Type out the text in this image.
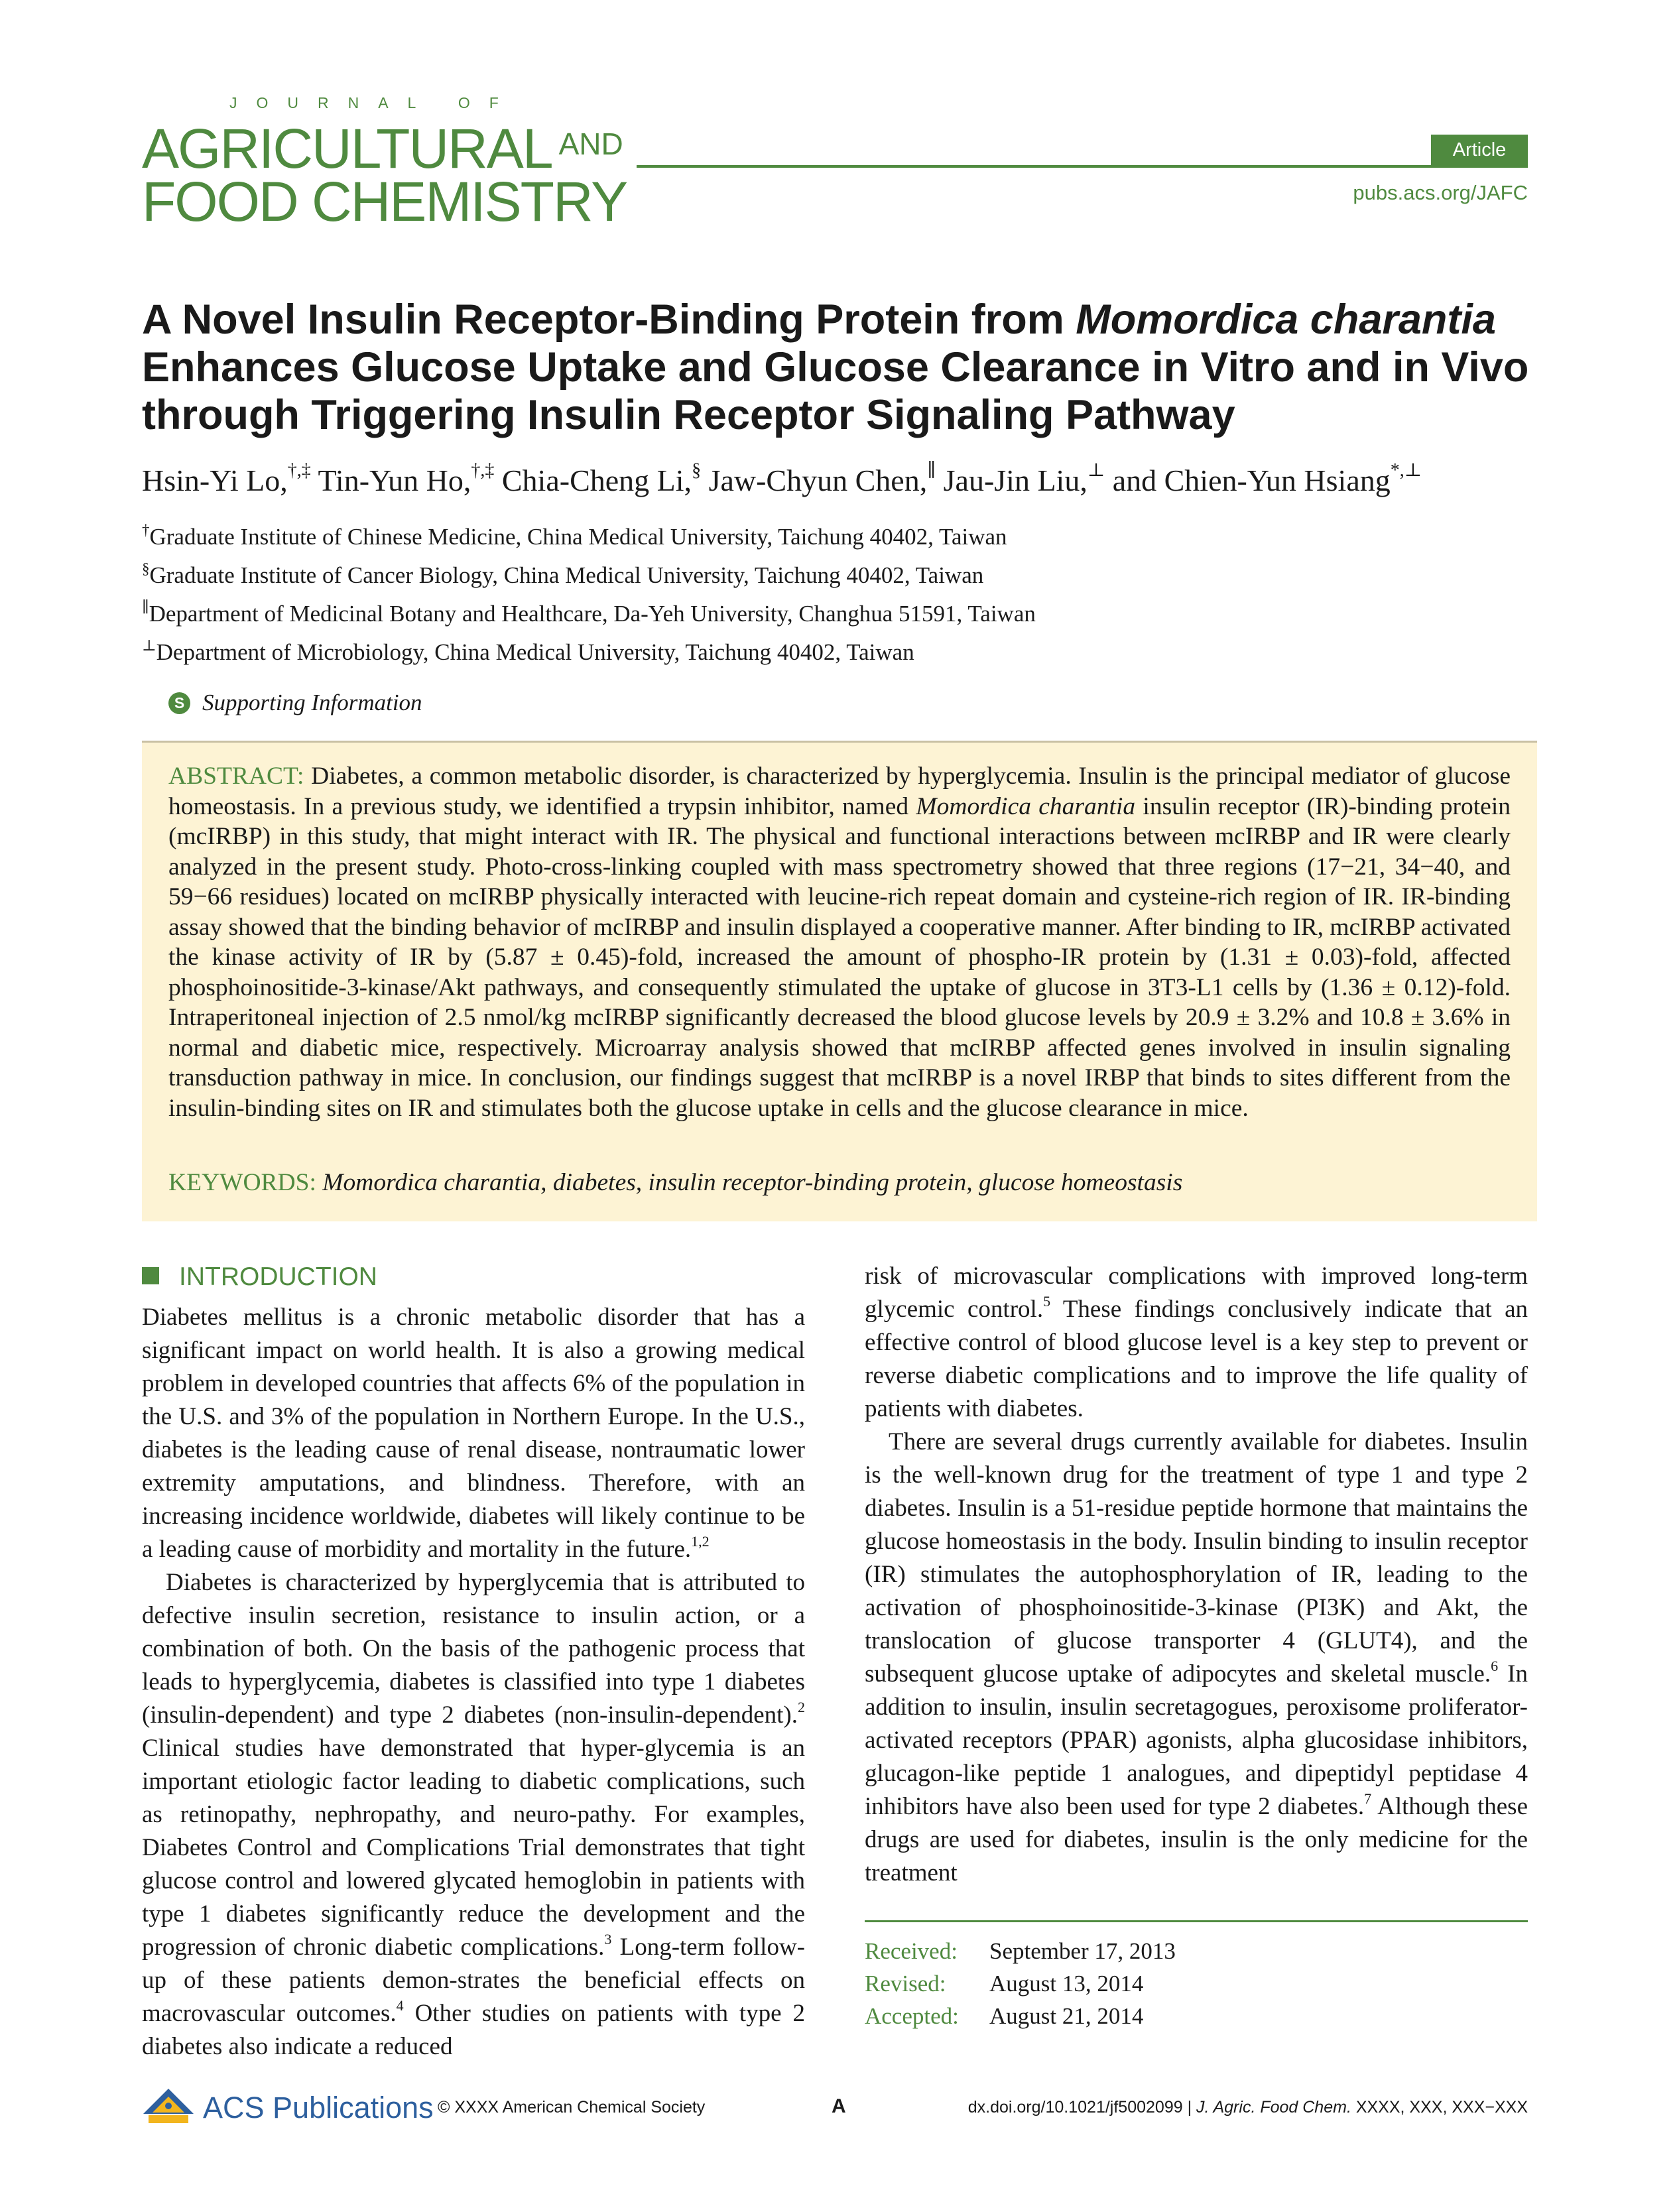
JOURNAL OF
AGRICULTURAL $^{AND}$
FOOD CHEMISTRY
Article
pubs.acs.org/JAFC
A Novel Insulin Receptor-Binding Protein from Momordica charantia
Enhances Glucose Uptake and Glucose Clearance in Vitro and in Vivo
through Triggering Insulin Receptor Signaling Pathway
Hsin-Yi Lo,†,‡ Tin-Yun Ho,†,‡ Chia-Cheng Li,§ Jaw-Chyun Chen,∥ Jau-Jin Liu,⊥ and Chien-Yun Hsiang*,⊥
†Graduate Institute of Chinese Medicine, China Medical University, Taichung 40402, Taiwan
§Graduate Institute of Cancer Biology, China Medical University, Taichung 40402, Taiwan
∥Department of Medicinal Botany and Healthcare, Da-Yeh University, Changhua 51591, Taiwan
⊥Department of Microbiology, China Medical University, Taichung 40402, Taiwan
S Supporting Information
ABSTRACT: Diabetes, a common metabolic disorder, is characterized by hyperglycemia. Insulin is the principal mediator of glucose homeostasis. In a previous study, we identified a trypsin inhibitor, named Momordica charantia insulin receptor (IR)-binding protein (mcIRBP) in this study, that might interact with IR. The physical and functional interactions between mcIRBP and IR were clearly analyzed in the present study. Photo-cross-linking coupled with mass spectrometry showed that three regions (17−21, 34−40, and 59−66 residues) located on mcIRBP physically interacted with leucine-rich repeat domain and cysteine-rich region of IR. IR-binding assay showed that the binding behavior of mcIRBP and insulin displayed a cooperative manner. After binding to IR, mcIRBP activated the kinase activity of IR by (5.87 ± 0.45)-fold, increased the amount of phospho-IR protein by (1.31 ± 0.03)-fold, affected phosphoinositide-3-kinase/Akt pathways, and consequently stimulated the uptake of glucose in 3T3-L1 cells by (1.36 ± 0.12)-fold. Intraperitoneal injection of 2.5 nmol/kg mcIRBP significantly decreased the blood glucose levels by 20.9 ± 3.2% and 10.8 ± 3.6% in normal and diabetic mice, respectively. Microarray analysis showed that mcIRBP affected genes involved in insulin signaling transduction pathway in mice. In conclusion, our findings suggest that mcIRBP is a novel IRBP that binds to sites different from the insulin-binding sites on IR and stimulates both the glucose uptake in cells and the glucose clearance in mice.
KEYWORDS: Momordica charantia, diabetes, insulin receptor-binding protein, glucose homeostasis
INTRODUCTION

Diabetes mellitus is a chronic metabolic disorder that has a significant impact on world health. It is also a growing medical problem in developed countries that affects 6% of the population in the U.S. and 3% of the population in Northern Europe. In the U.S., diabetes is the leading cause of renal disease, nontraumatic lower extremity amputations, and blindness. Therefore, with an increasing incidence worldwide, diabetes will likely continue to be a leading cause of morbidity and mortality in the future.$^{1,2}$

Diabetes is characterized by hyperglycemia that is attributed to defective insulin secretion, resistance to insulin action, or a combination of both. On the basis of the pathogenic process that leads to hyperglycemia, diabetes is classified into type 1 diabetes (insulin-dependent) and type 2 diabetes (non-insulin-dependent).$^2$ Clinical studies have demonstrated that hyper-glycemia is an important etiologic factor leading to diabetic complications, such as retinopathy, nephropathy, and neuro-pathy. For examples, Diabetes Control and Complications Trial demonstrates that tight glucose control and lowered glycated hemoglobin in patients with type 1 diabetes significantly reduce the development and the progression of chronic diabetic complications.$^3$ Long-term follow-up of these patients demon-strates the beneficial effects on macrovascular outcomes.$^4$ Other studies on patients with type 2 diabetes also indicate a reduced

risk of microvascular complications with improved long-term glycemic control.$^5$ These findings conclusively indicate that an effective control of blood glucose level is a key step to prevent or reverse diabetic complications and to improve the life quality of patients with diabetes.

There are several drugs currently available for diabetes. Insulin is the well-known drug for the treatment of type 1 and type 2 diabetes. Insulin is a 51-residue peptide hormone that maintains the glucose homeostasis in the body. Insulin binding to insulin receptor (IR) stimulates the autophosphorylation of IR, leading to the activation of phosphoinositide-3-kinase (PI3K) and Akt, the translocation of glucose transporter 4 (GLUT4), and the subsequent glucose uptake of adipocytes and skeletal muscle.$^6$ In addition to insulin, insulin secretagogues, peroxisome proliferator-activated receptors (PPAR) agonists, alpha glucosidase inhibitors, glucagon-like peptide 1 analogues, and dipeptidyl peptidase 4 inhibitors have also been used for type 2 diabetes.$^7$ Although these drugs are used for diabetes, insulin is the only medicine for the treatment

Received:	September 17, 2013
Revised:	August 13, 2014
Accepted:	August 21, 2014
ACS Publications © XXXX American Chemical Society	A	dx.doi.org/10.1021/jf5002099 | J. Agric. Food Chem. XXXX, XXX, XXX−XXX
